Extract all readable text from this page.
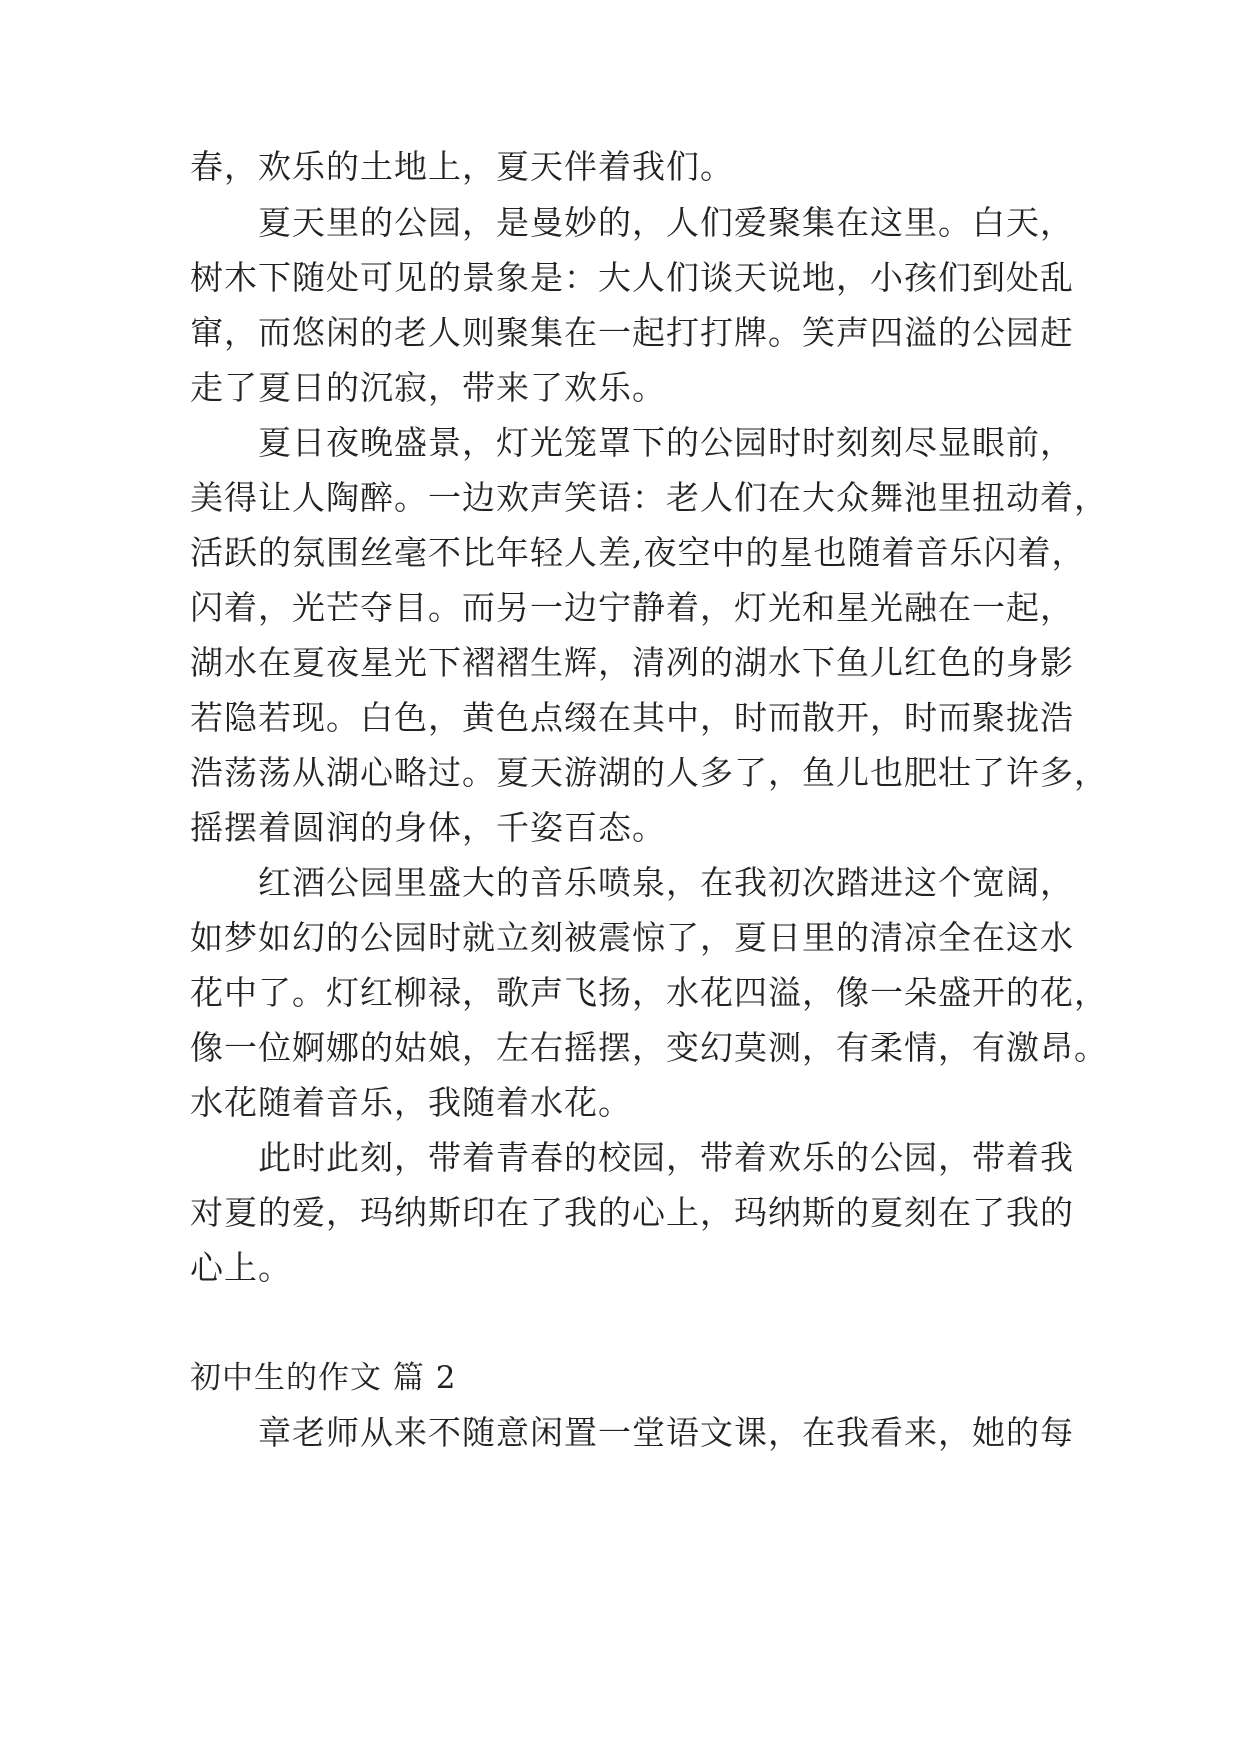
春，欢乐的土地上，夏天伴着我们。
夏天里的公园，是曼妙的，人们爱聚集在这里。白天，
树木下随处可见的景象是：大人们谈天说地，小孩们到处乱
窜，而悠闲的老人则聚集在一起打打牌。笑声四溢的公园赶
走了夏日的沉寂，带来了欢乐。
夏日夜晚盛景，灯光笼罩下的公园时时刻刻尽显眼前，
美得让人陶醉。一边欢声笑语：老人们在大众舞池里扭动着，
活跃的氛围丝毫不比年轻人差,夜空中的星也随着音乐闪着，
闪着，光芒夺目。而另一边宁静着，灯光和星光融在一起，
湖水在夏夜星光下褶褶生辉，清冽的湖水下鱼儿红色的身影
若隐若现。白色，黄色点缀在其中，时而散开，时而聚拢浩
浩荡荡从湖心略过。夏天游湖的人多了，鱼儿也肥壮了许多，
摇摆着圆润的身体，千姿百态。
红酒公园里盛大的音乐喷泉，在我初次踏进这个宽阔，
如梦如幻的公园时就立刻被震惊了，夏日里的清凉全在这水
花中了。灯红柳禄，歌声飞扬，水花四溢，像一朵盛开的花，
像一位婀娜的姑娘，左右摇摆，变幻莫测，有柔情，有激昂。
水花随着音乐，我随着水花。
此时此刻，带着青春的校园，带着欢乐的公园，带着我
对夏的爱，玛纳斯印在了我的心上，玛纳斯的夏刻在了我的
心上。
初中生的作文 篇 2
章老师从来不随意闲置一堂语文课，在我看来，她的每
